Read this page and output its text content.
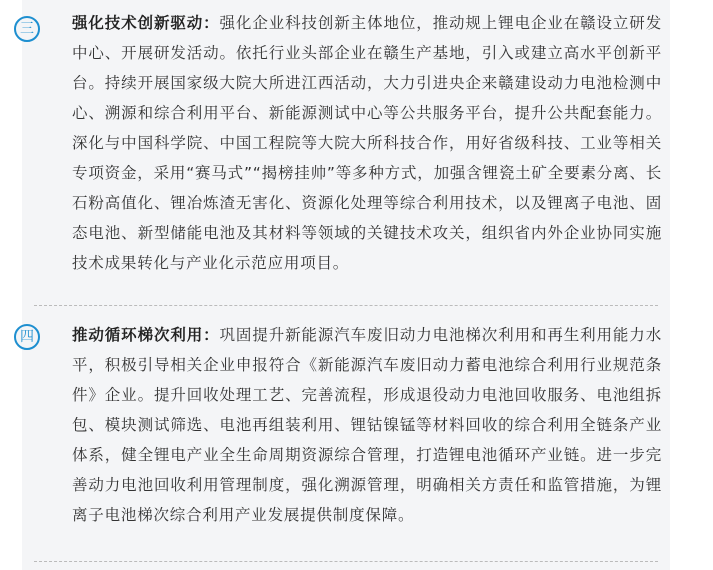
三	强化技术创新驱动：强化企业科技创新主体地位，推动规上锂电企业在赣设立研发中心、开展研发活动。依托行业头部企业在赣生产基地，引入或建立高水平创新平台。持续开展国家级大院大所进江西活动，大力引进央企来赣建设动力电池检测中心、溯源和综合利用平台、新能源测试中心等公共服务平台，提升公共配套能力。深化与中国科学院、中国工程院等大院大所科技合作，用好省级科技、工业等相关专项资金，采用“赛马式”“揭榜挂帅”等多种方式，加强含锂瓷土矿全要素分离、长石粉高值化、锂冶炼渣无害化、资源化处理等综合利用技术，以及锂离子电池、固态电池、新型储能电池及其材料等领域的关键技术攻关，组织省内外企业协同实施技术成果转化与产业化示范应用项目。

四	推动循环梯次利用：巩固提升新能源汽车废旧动力电池梯次利用和再生利用能力水平，积极引导相关企业申报符合《新能源汽车废旧动力蓄电池综合利用行业规范条件》企业。提升回收处理工艺、完善流程，形成退役动力电池回收服务、电池组拆包、模块测试筛选、电池再组装利用、锂钴镍锰等材料回收的综合利用全链条产业体系，健全锂电产业全生命周期资源综合管理，打造锂电池循环产业链。进一步完善动力电池回收利用管理制度，强化溯源管理，明确相关方责任和监管措施，为锂离子电池梯次综合利用产业发展提供制度保障。
